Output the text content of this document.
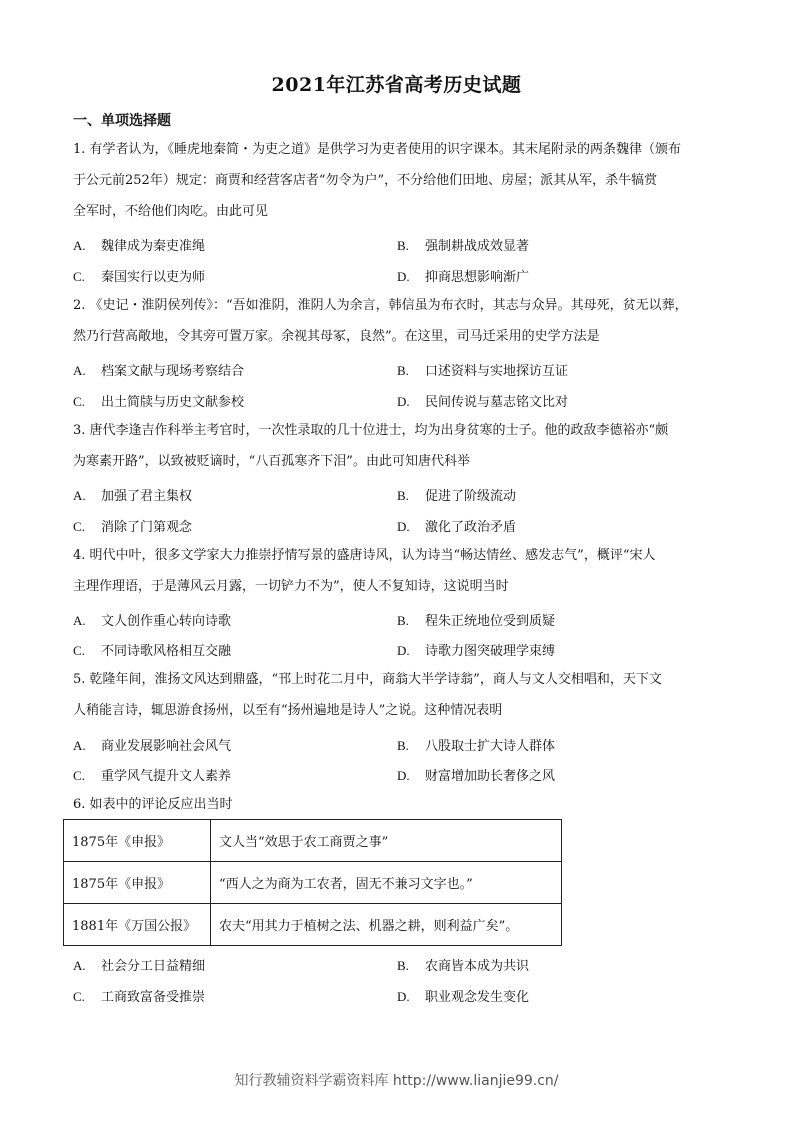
2021年江苏省高考历史试题
一、单项选择题
1. 有学者认为，《睡虎地秦简・为吏之道》是供学习为吏者使用的识字课本。其末尾附录的两条魏律（颁布
于公元前252年）规定：商贾和经营客店者“勿令为户”，不分给他们田地、房屋；派其从军，杀牛犒赏
全军时，不给他们肉吃。由此可见
A. 魏律成为秦吏准绳	B. 强制耕战成效显著
C. 秦国实行以吏为师	D. 抑商思想影响渐广
2. 《史记・淮阴侯列传》：“吾如淮阴，淮阴人为余言，韩信虽为布衣时，其志与众异。其母死，贫无以葬，
然乃行营高敞地，令其旁可置万家。余视其母冢，良然”。在这里，司马迁采用的史学方法是
A. 档案文献与现场考察结合	B. 口述资料与实地探访互证
C. 出土简牍与历史文献参校	D. 民间传说与墓志铭文比对
3. 唐代李逢吉作科举主考官时，一次性录取的几十位进士，均为出身贫寒的士子。他的政敌李德裕亦“颇
为寒素开路”，以致被贬谪时，“八百孤寒齐下泪”。由此可知唐代科举
A. 加强了君主集权	B. 促进了阶级流动
C. 消除了门第观念	D. 激化了政治矛盾
4. 明代中叶，很多文学家大力推崇抒情写景的盛唐诗风，认为诗当“畅达情丝、感发志气”，概评“宋人
主理作理语，于是薄风云月露，一切铲力不为”，使人不复知诗，这说明当时
A. 文人创作重心转向诗歌	B. 程朱正统地位受到质疑
C. 不同诗歌风格相互交融	D. 诗歌力图突破理学束缚
5. 乾隆年间，淮扬文风达到鼎盛，“邗上时花二月中，商翁大半学诗翁”，商人与文人交相唱和，天下文
人稍能言诗，辄思游食扬州，以至有“扬州遍地是诗人”之说。这种情况表明
A. 商业发展影响社会风气	B. 八股取士扩大诗人群体
C. 重学风气提升文人素养	D. 财富增加助长奢侈之风
6. 如表中的评论反应出当时
1875年《申报》	文人当“效思于农工商贾之事”
1875年《申报》	“西人之为商为工农者，固无不兼习文字也。”
1881年《万国公报》	农夫“用其力于植树之法、机器之耕，则利益广矣”。
A. 社会分工日益精细	B. 农商皆本成为共识
C. 工商致富备受推崇	D. 职业观念发生变化
知行教辅资料学霸资料库 http://www.lianjie99.cn/
